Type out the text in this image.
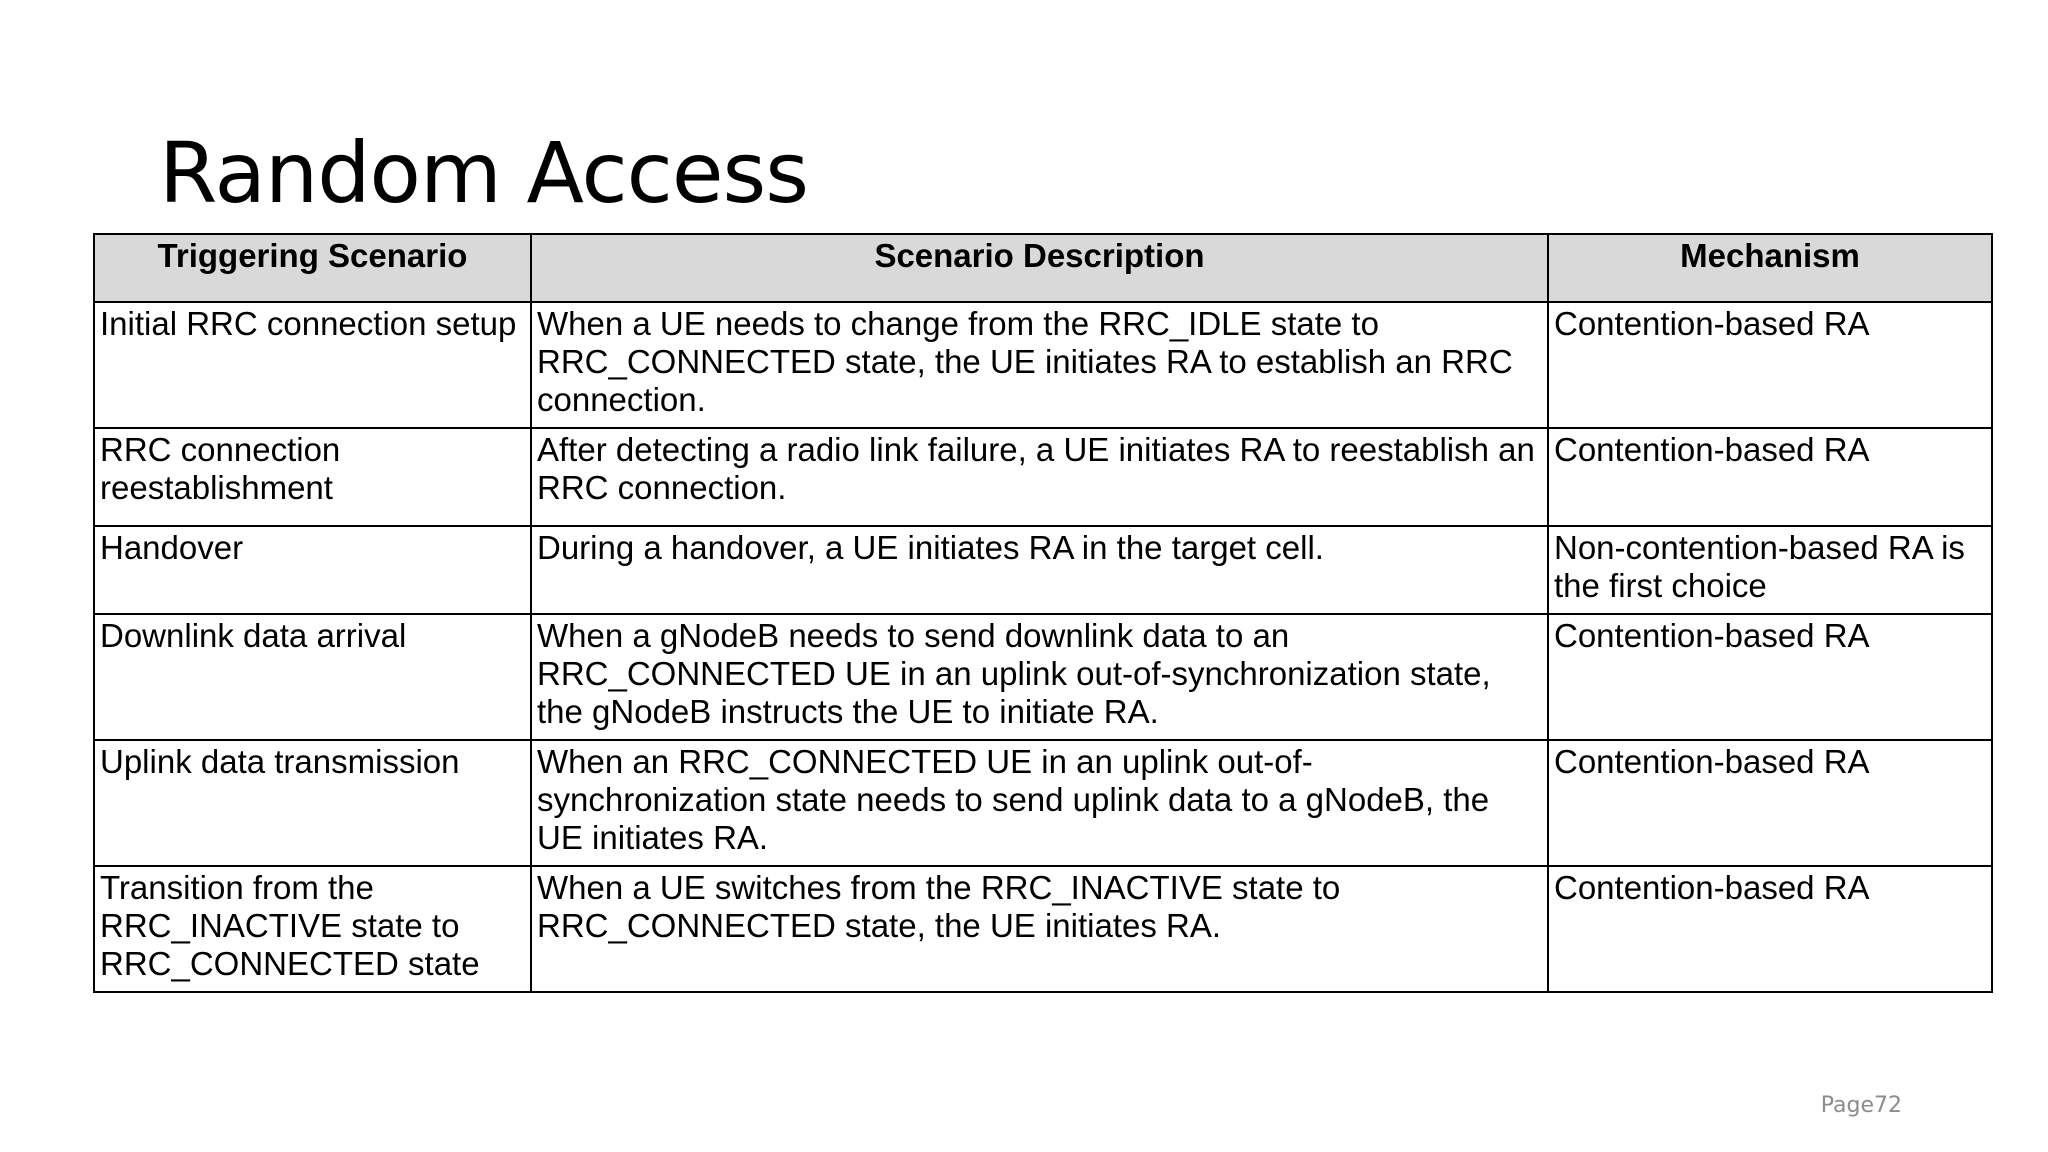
Random Access
Triggering Scenario	Scenario Description	Mechanism
Initial RRC connection setup	When a UE needs to change from the RRC_IDLE state to RRC_CONNECTED state, the UE initiates RA to establish an RRC connection.	Contention-based RA
RRC connection reestablishment	After detecting a radio link failure, a UE initiates RA to reestablish an RRC connection.	Contention-based RA
Handover	During a handover, a UE initiates RA in the target cell.	Non-contention-based RA is the first choice
Downlink data arrival	When a gNodeB needs to send downlink data to an RRC_CONNECTED UE in an uplink out-of-synchronization state, the gNodeB instructs the UE to initiate RA.	Contention-based RA
Uplink data transmission	When an RRC_CONNECTED UE in an uplink out-of-synchronization state needs to send uplink data to a gNodeB, the UE initiates RA.	Contention-based RA
Transition from the RRC_INACTIVE state to RRC_CONNECTED state	When a UE switches from the RRC_INACTIVE state to RRC_CONNECTED state, the UE initiates RA.	Contention-based RA
Page72
